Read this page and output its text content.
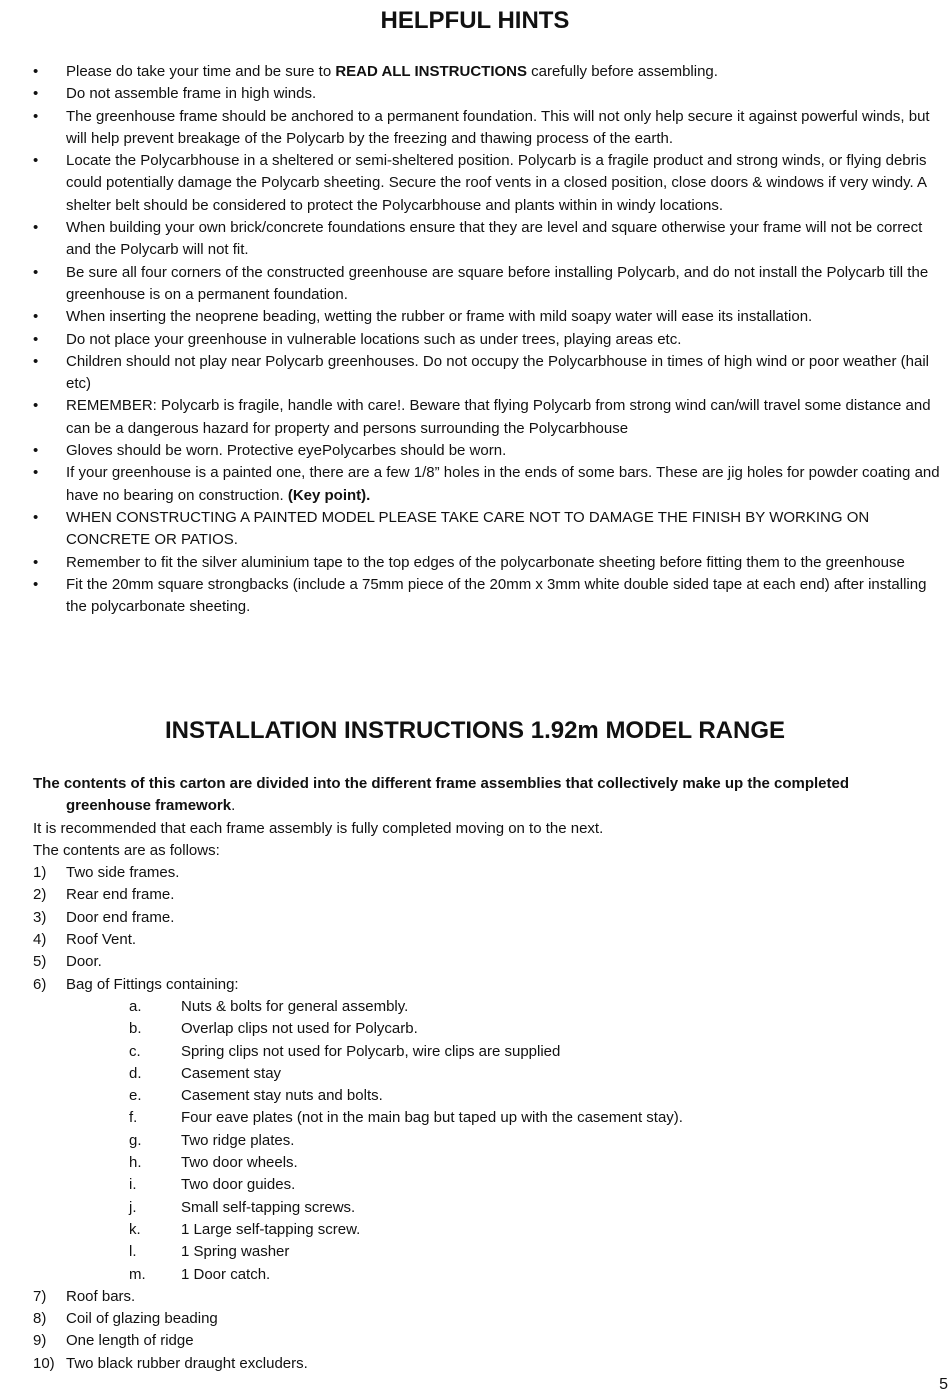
HELPFUL HINTS
• Please do take your time and be sure to READ ALL INSTRUCTIONS carefully before assembling.
• Do not assemble frame in high winds.
• The greenhouse frame should be anchored to a permanent foundation. This will not only help secure it against powerful winds, but will help prevent breakage of the Polycarb by the freezing and thawing process of the earth.
• Locate the Polycarbhouse in a sheltered or semi-sheltered position. Polycarb is a fragile product and strong winds, or flying debris could potentially damage the Polycarb sheeting. Secure the roof vents in a closed position, close doors & windows if very windy. A shelter belt should be considered to protect the Polycarbhouse and plants within in windy locations.
• When building your own brick/concrete foundations ensure that they are level and square otherwise your frame will not be correct and the Polycarb will not fit.
• Be sure all four corners of the constructed greenhouse are square before installing Polycarb, and do not install the Polycarb till the greenhouse is on a permanent foundation.
• When inserting the neoprene beading, wetting the rubber or frame with mild soapy water will ease its installation.
• Do not place your greenhouse in vulnerable locations such as under trees, playing areas etc.
• Children should not play near Polycarb greenhouses. Do not occupy the Polycarbhouse in times of high wind or poor weather (hail etc)
• REMEMBER: Polycarb is fragile, handle with care!. Beware that flying Polycarb from strong wind can/will travel some distance and can be a dangerous hazard for property and persons surrounding the Polycarbhouse
• Gloves should be worn. Protective eyePolycarbes should be worn.
• If your greenhouse is a painted one, there are a few 1/8” holes in the ends of some bars. These are jig holes for powder coating and have no bearing on construction. (Key point).
• WHEN CONSTRUCTING A PAINTED MODEL PLEASE TAKE CARE NOT TO DAMAGE THE FINISH BY WORKING ON CONCRETE OR PATIOS.
• Remember to fit the silver aluminium tape to the top edges of the polycarbonate sheeting before fitting them to the greenhouse
• Fit the 20mm square strongbacks (include a 75mm piece of the 20mm x 3mm white double sided tape at each end) after installing the polycarbonate sheeting.
INSTALLATION INSTRUCTIONS 1.92m MODEL RANGE
The contents of this carton are divided into the different frame assemblies that collectively make up the completed greenhouse framework.
It is recommended that each frame assembly is fully completed moving on to the next.
The contents are as follows:
1) Two side frames.
2) Rear end frame.
3) Door end frame.
4) Roof Vent.
5) Door.
6) Bag of Fittings containing:
a.	Nuts & bolts for general assembly.
b.	Overlap clips not used for Polycarb.
c.	Spring clips not used for Polycarb, wire clips are supplied
d.	Casement stay
e.	Casement stay nuts and bolts.
f.	Four eave plates (not in the main bag but taped up with the casement stay).
g.	Two ridge plates.
h.	Two door wheels.
i.	Two door guides.
j.	Small self-tapping screws.
k.	1 Large self-tapping screw.
l.	1 Spring washer
m. 1 Door catch.
7) Roof bars.
8) Coil of glazing beading
9) One length of ridge
10) Two black rubber draught excluders.
5
